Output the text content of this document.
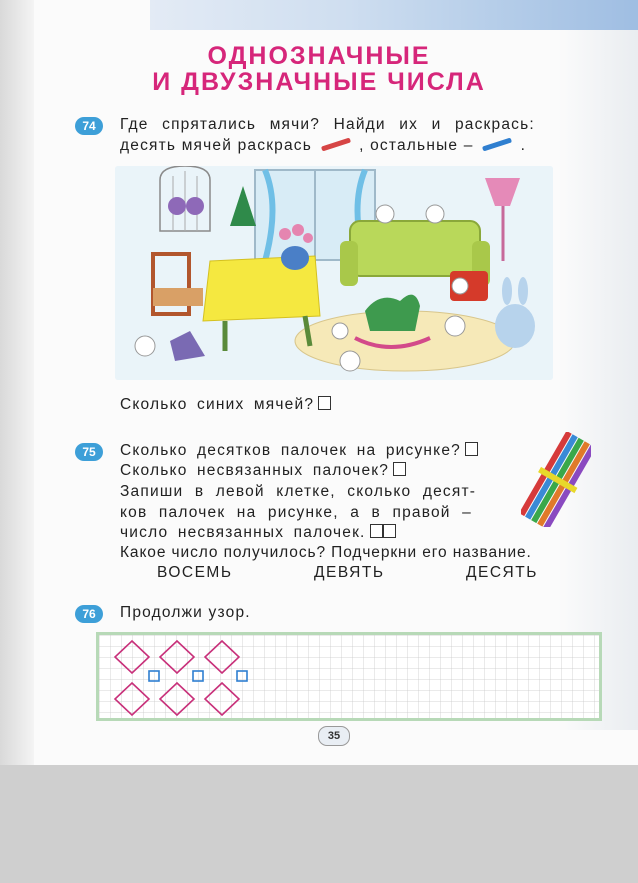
ОДНОЗНАЧНЫЕ
И ДВУЗНАЧНЫЕ ЧИСЛА
74	Где спрятались мячи? Найди их и раскрась:
десять мячей раскрась	, остальные –	.
Сколько синих мячей?
75	Сколько десятков палочек на рисунке?
Сколько несвязанных палочек?
Запиши в левой клетке, сколько десят-
ков палочек на рисунке, а в правой –
число несвязанных палочек.
Какое число получилось? Подчеркни его название.
ВОСЕМЬ	ДЕВЯТЬ	ДЕСЯТЬ
76	Продолжи узор.
35
